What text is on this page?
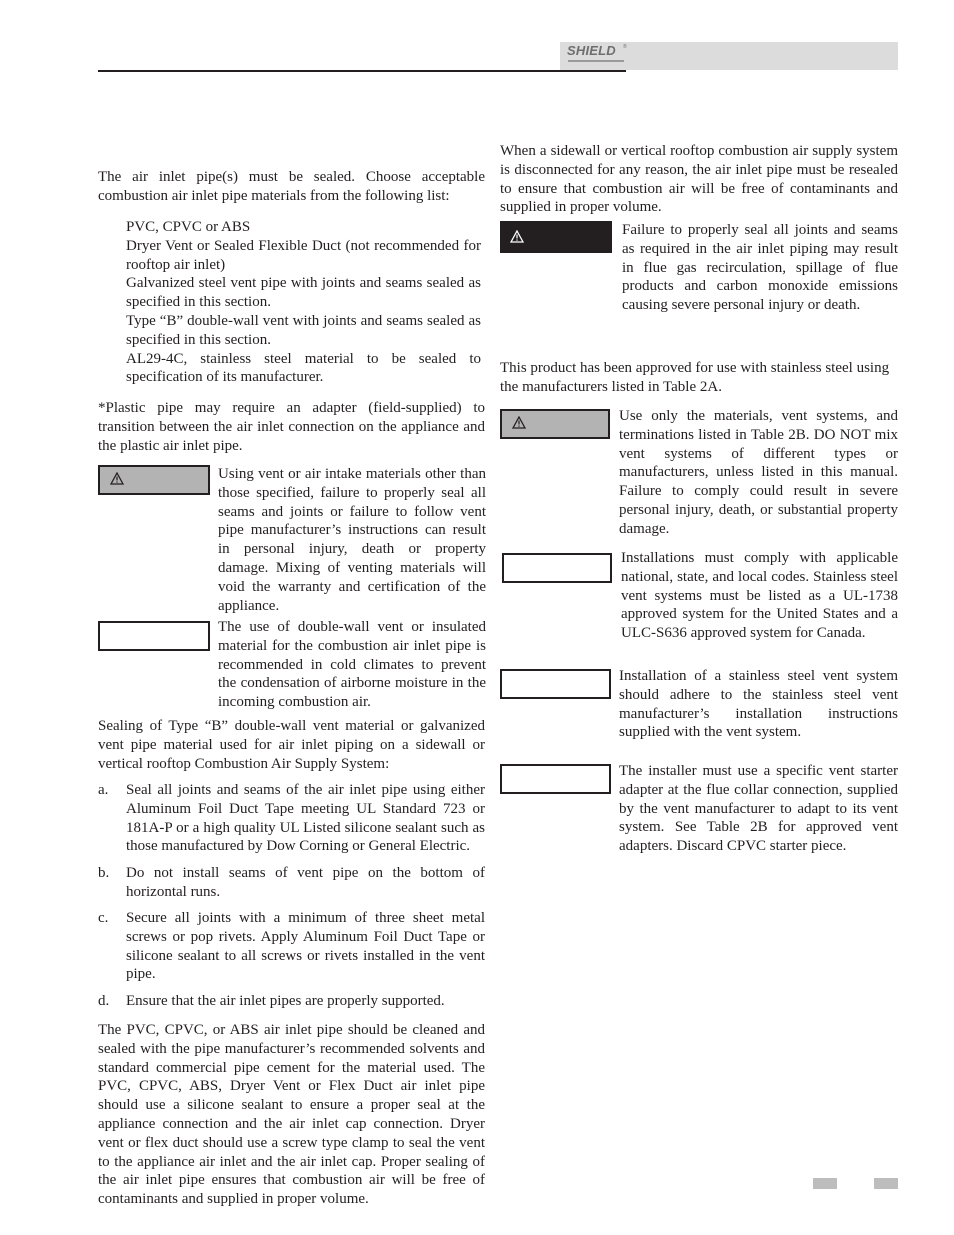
SHIELD ®

The air inlet pipe(s) must be sealed. Choose acceptable combustion air inlet pipe materials from the following list:

PVC, CPVC or ABS
Dryer Vent or Sealed Flexible Duct (not recommended for rooftop air inlet)
Galvanized steel vent pipe with joints and seams sealed as specified in this section.
Type “B” double-wall vent with joints and seams sealed as specified in this section.
AL29-4C, stainless steel material to be sealed to specification of its manufacturer.

*Plastic pipe may require an adapter (field-supplied) to transition between the air inlet connection on the appliance and the plastic air inlet pipe.

Using vent or air intake materials other than those specified, failure to properly seal all seams and joints or failure to follow vent pipe manufacturer’s instructions can result in personal injury, death or property damage. Mixing of venting materials will void the warranty and certification of the appliance.

The use of double-wall vent or insulated material for the combustion air inlet pipe is recommended in cold climates to prevent the condensation of airborne moisture in the incoming combustion air.

Sealing of Type “B” double-wall vent material or galvanized vent pipe material used for air inlet piping on a sidewall or vertical rooftop Combustion Air Supply System:

a. Seal all joints and seams of the air inlet pipe using either Aluminum Foil Duct Tape meeting UL Standard 723 or 181A-P or a high quality UL Listed silicone sealant such as those manufactured by Dow Corning or General Electric.
b. Do not install seams of vent pipe on the bottom of horizontal runs.
c. Secure all joints with a minimum of three sheet metal screws or pop rivets. Apply Aluminum Foil Duct Tape or silicone sealant to all screws or rivets installed in the vent pipe.
d. Ensure that the air inlet pipes are properly supported.

The PVC, CPVC, or ABS air inlet pipe should be cleaned and sealed with the pipe manufacturer’s recommended solvents and standard commercial pipe cement for the material used. The PVC, CPVC, ABS, Dryer Vent or Flex Duct air inlet pipe should use a silicone sealant to ensure a proper seal at the appliance connection and the air inlet cap connection. Dryer vent or flex duct should use a screw type clamp to seal the vent to the appliance air inlet and the air inlet cap. Proper sealing of the air inlet pipe ensures that combustion air will be free of contaminants and supplied in proper volume.

When a sidewall or vertical rooftop combustion air supply system is disconnected for any reason, the air inlet pipe must be resealed to ensure that combustion air will be free of contaminants and supplied in proper volume.

Failure to properly seal all joints and seams as required in the air inlet piping may result in flue gas recirculation, spillage of flue products and carbon monoxide emissions causing severe personal injury or death.

This product has been approved for use with stainless steel using the manufacturers listed in Table 2A.

Use only the materials, vent systems, and terminations listed in Table 2B. DO NOT mix vent systems of different types or manufacturers, unless listed in this manual. Failure to comply could result in severe personal injury, death, or substantial property damage.

Installations must comply with applicable national, state, and local codes. Stainless steel vent systems must be listed as a UL-1738 approved system for the United States and a ULC-S636 approved system for Canada.

Installation of a stainless steel vent system should adhere to the stainless steel vent manufacturer’s installation instructions supplied with the vent system.

The installer must use a specific vent starter adapter at the flue collar connection, supplied by the vent manufacturer to adapt to its vent system. See Table 2B for approved vent adapters. Discard CPVC starter piece.
